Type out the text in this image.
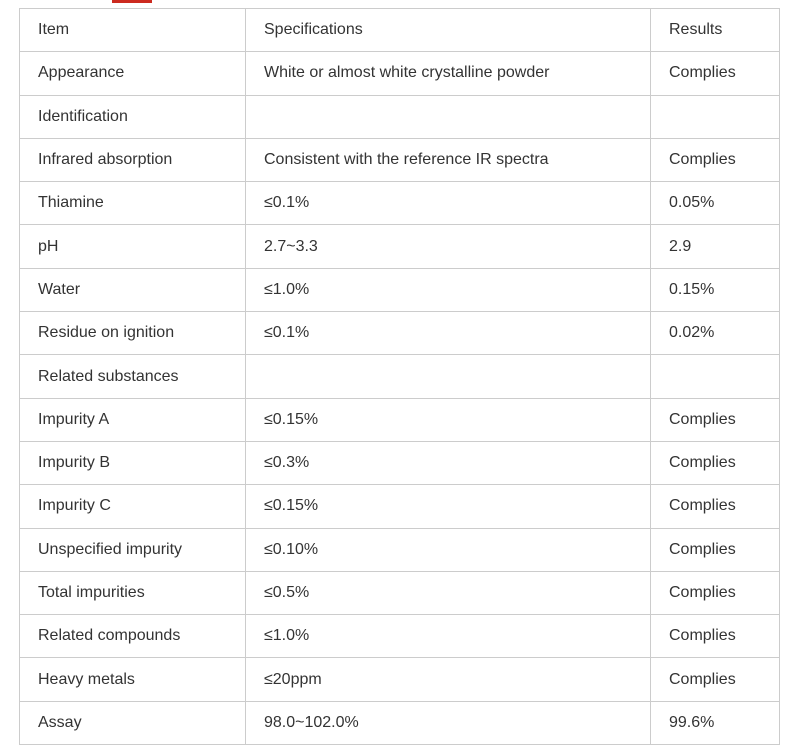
Item	Specifications	Results
Appearance	White or almost white crystalline powder	Complies
Identification		
Infrared absorption	Consistent with the reference IR spectra	Complies
Thiamine	≤0.1%	0.05%
pH	2.7~3.3	2.9
Water	≤1.0%	0.15%
Residue on ignition	≤0.1%	0.02%
Related substances		
Impurity A	≤0.15%	Complies
Impurity B	≤0.3%	Complies
Impurity C	≤0.15%	Complies
Unspecified impurity	≤0.10%	Complies
Total impurities	≤0.5%	Complies
Related compounds	≤1.0%	Complies
Heavy metals	≤20ppm	Complies
Assay	98.0~102.0%	99.6%
